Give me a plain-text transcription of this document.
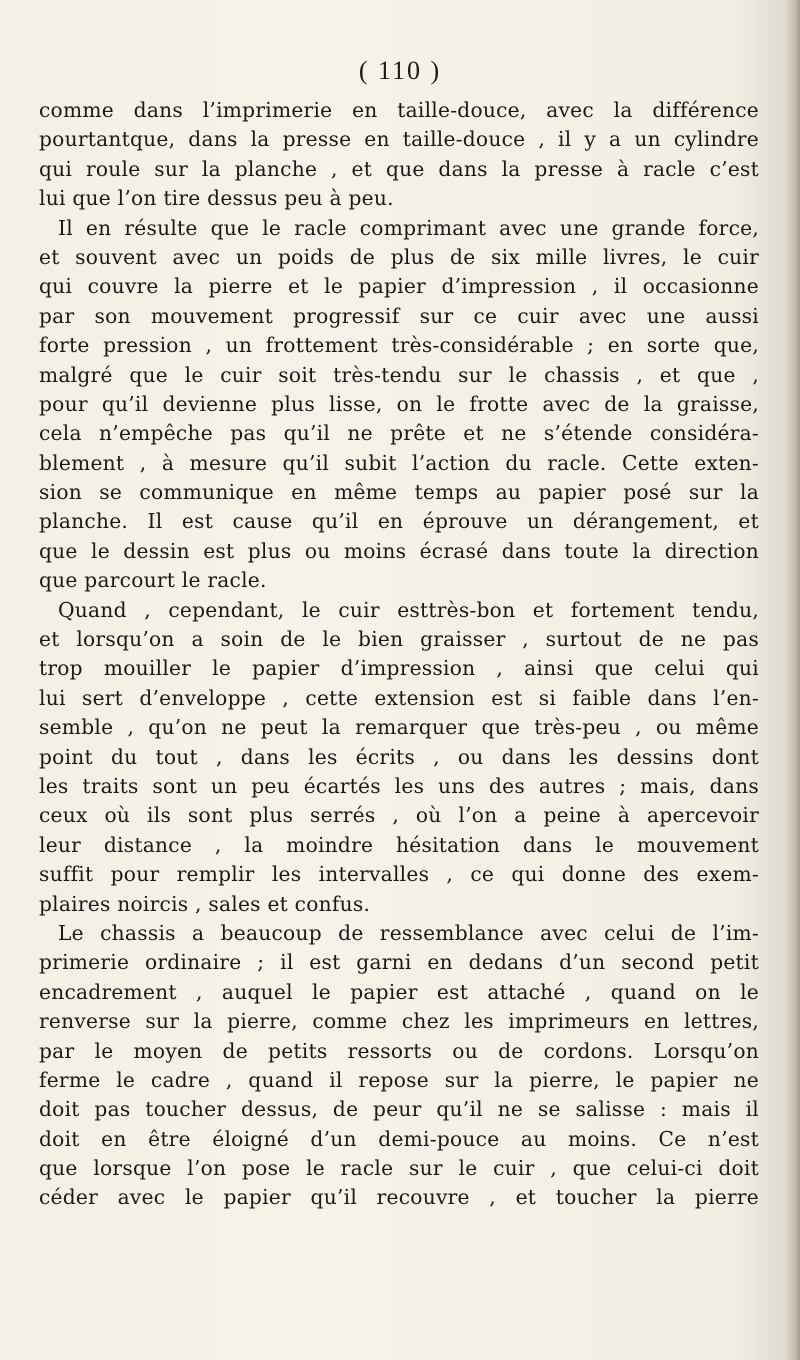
( 110 )
comme dans l’imprimerie en taille-douce, avec la différence
pourtantque, dans la presse en taille-douce , il y a un cylindre
qui roule sur la planche , et que dans la presse à racle c’est
lui que l’on tire dessus peu à peu.
Il en résulte que le racle comprimant avec une grande force,
et souvent avec un poids de plus de six mille livres, le cuir
qui couvre la pierre et le papier d’impression , il occasionne
par son mouvement progressif sur ce cuir avec une aussi
forte pression , un frottement très-considérable ; en sorte que,
malgré que le cuir soit très-tendu sur le chassis , et que ,
pour qu’il devienne plus lisse, on le frotte avec de la graisse,
cela n’empêche pas qu’il ne prête et ne s’étende considéra-
blement , à mesure qu’il subit l’action du racle. Cette exten-
sion se communique en même temps au papier posé sur la
planche. Il est cause qu’il en éprouve un dérangement, et
que le dessin est plus ou moins écrasé dans toute la direction
que parcourt le racle.
Quand , cependant, le cuir esttrès-bon et fortement tendu,
et lorsqu’on a soin de le bien graisser , surtout de ne pas
trop mouiller le papier d’impression , ainsi que celui qui
lui sert d’enveloppe , cette extension est si faible dans l’en-
semble , qu’on ne peut la remarquer que très-peu , ou même
point du tout , dans les écrits , ou dans les dessins dont
les traits sont un peu écartés les uns des autres ; mais, dans
ceux où ils sont plus serrés , où l’on a peine à apercevoir
leur distance , la moindre hésitation dans le mouvement
suffit pour remplir les intervalles , ce qui donne des exem-
plaires noircis , sales et confus.
Le chassis a beaucoup de ressemblance avec celui de l’im-
primerie ordinaire ; il est garni en dedans d’un second petit
encadrement , auquel le papier est attaché , quand on le
renverse sur la pierre, comme chez les imprimeurs en lettres,
par le moyen de petits ressorts ou de cordons. Lorsqu’on
ferme le cadre , quand il repose sur la pierre, le papier ne
doit pas toucher dessus, de peur qu’il ne se salisse : mais il
doit en être éloigné d’un demi-pouce au moins. Ce n’est
que lorsque l’on pose le racle sur le cuir , que celui-ci doit
céder avec le papier qu’il recouvre , et toucher la pierre
